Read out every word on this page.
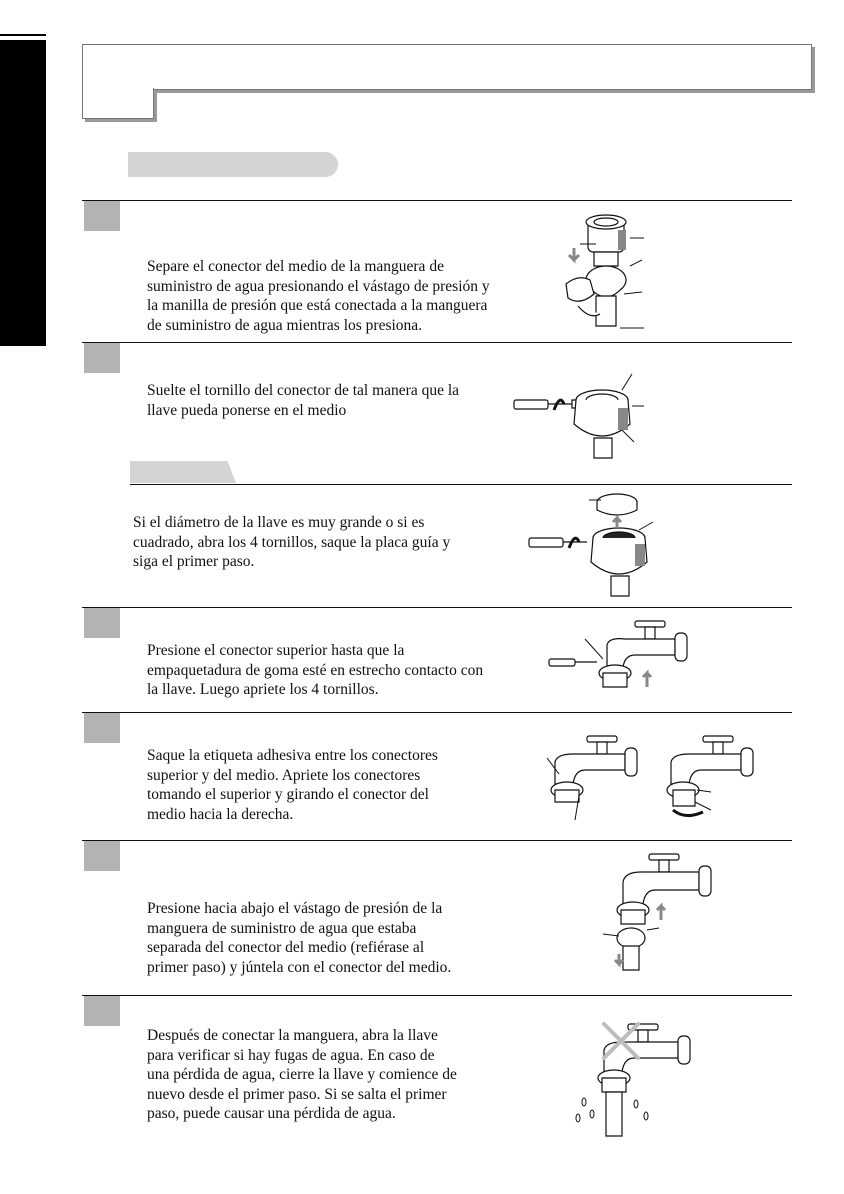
Separe el conector del medio de la manguera de suministro de agua presionando el vástago de presión y la manilla de presión que está conectada a la manguera de suministro de agua mientras los presiona.
Suelte el tornillo del conector de tal manera que la llave pueda ponerse en el medio
Si el diámetro de la llave es muy grande o si es cuadrado, abra los 4 tornillos, saque la placa guía y siga el primer paso.
Presione el conector superior hasta que la empaquetadura de goma esté en estrecho contacto con la llave. Luego apriete los 4 tornillos.
Saque la etiqueta adhesiva entre los conectores superior y del medio. Apriete los conectores tomando el superior y girando el conector del medio hacia la derecha.
Presione hacia abajo el vástago de presión de la manguera de suministro de agua que estaba separada del conector del medio (refiérase al primer paso) y júntela con el conector del medio.
Después de conectar la manguera, abra la llave para verificar si hay fugas de agua. En caso de una pérdida de agua, cierre la llave y comience de nuevo desde el primer paso. Si se salta el primer paso, puede causar una pérdida de agua.
